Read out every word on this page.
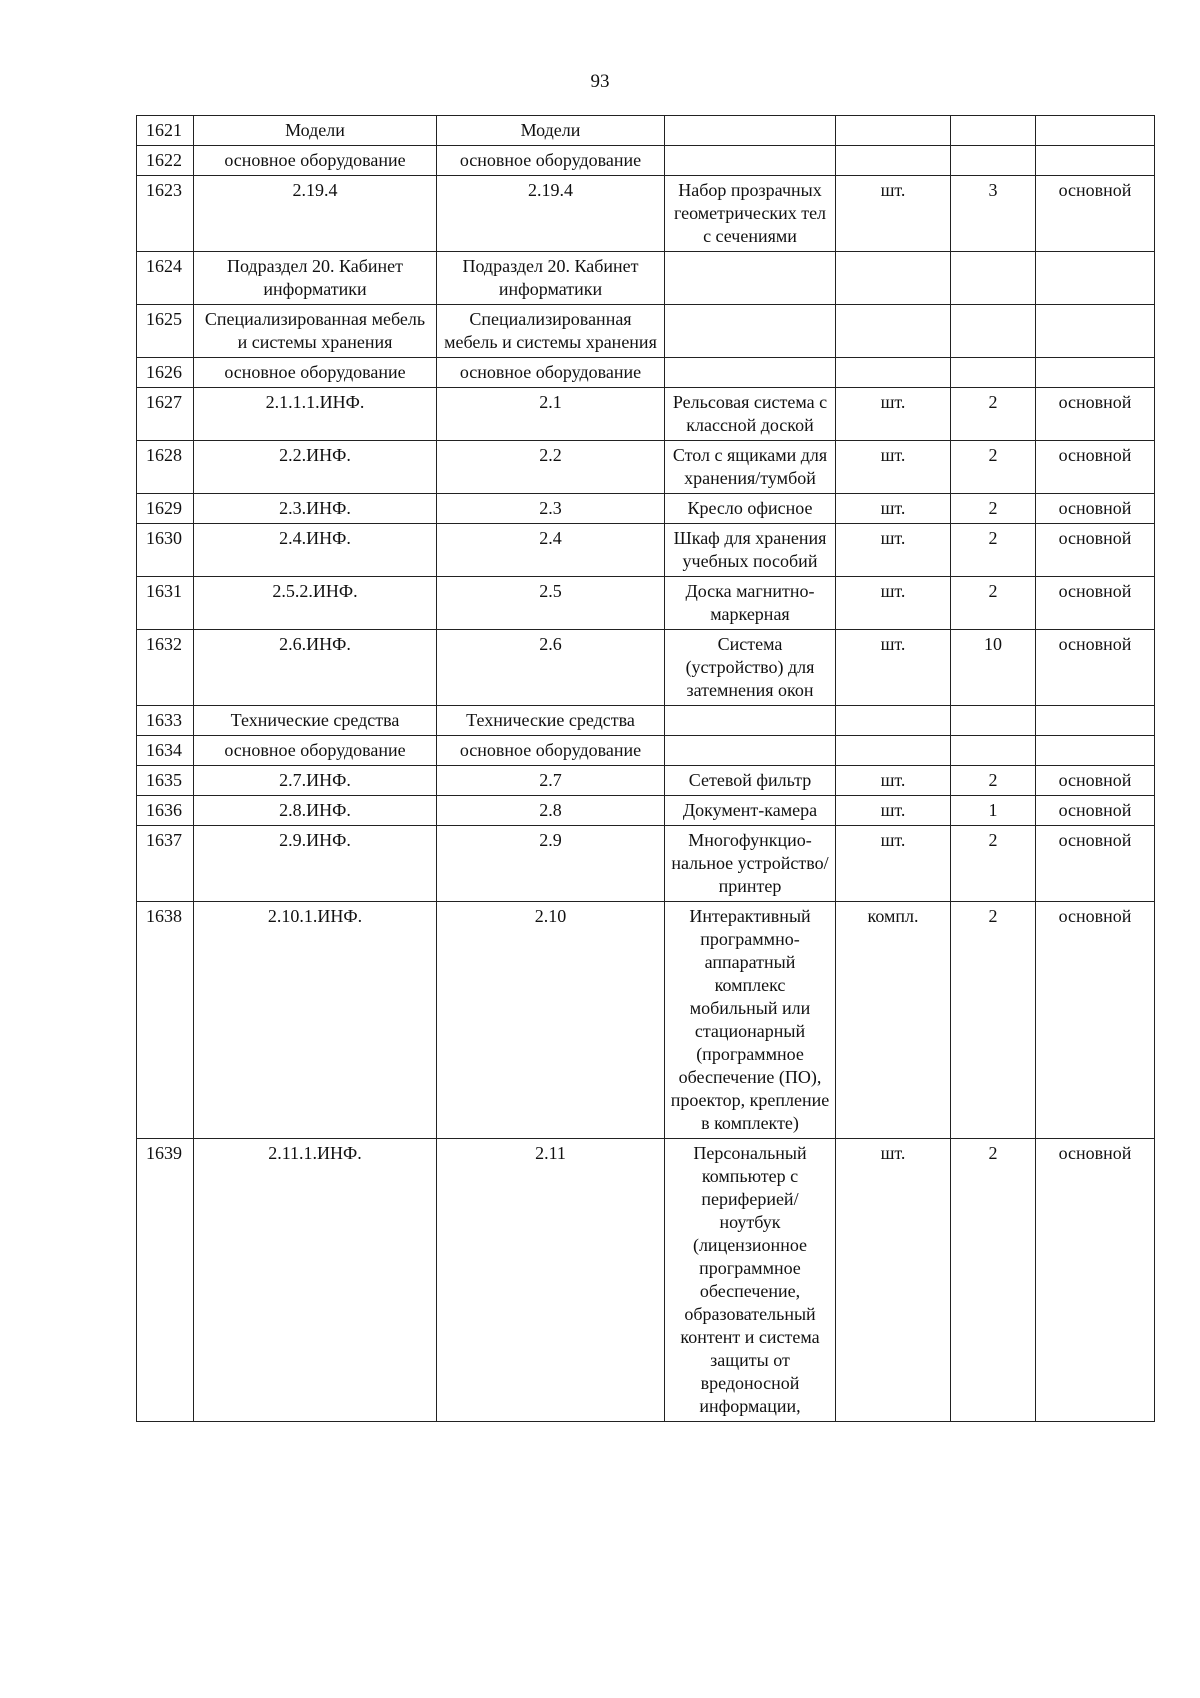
93
1621	Модели	Модели				
1622	основное оборудование	основное оборудование				
1623	2.19.4	2.19.4	Набор прозрачных геометрических тел с сечениями	шт.	3	основной
1624	Подраздел 20. Кабинет информатики	Подраздел 20. Кабинет информатики				
1625	Специализированная мебель и системы хранения	Специализированная мебель и системы хранения				
1626	основное оборудование	основное оборудование				
1627	2.1.1.1.ИНФ.	2.1	Рельсовая система с классной доской	шт.	2	основной
1628	2.2.ИНФ.	2.2	Стол с ящиками для хранения/тумбой	шт.	2	основной
1629	2.3.ИНФ.	2.3	Кресло офисное	шт.	2	основной
1630	2.4.ИНФ.	2.4	Шкаф для хранения учебных пособий	шт.	2	основной
1631	2.5.2.ИНФ.	2.5	Доска магнитно-маркерная	шт.	2	основной
1632	2.6.ИНФ.	2.6	Система (устройство) для затемнения окон	шт.	10	основной
1633	Технические средства	Технические средства				
1634	основное оборудование	основное оборудование				
1635	2.7.ИНФ.	2.7	Сетевой фильтр	шт.	2	основной
1636	2.8.ИНФ.	2.8	Документ-камера	шт.	1	основной
1637	2.9.ИНФ.	2.9	Многофункцио-нальное устройство/ принтер	шт.	2	основной
1638	2.10.1.ИНФ.	2.10	Интерактивный программно-аппаратный комплекс мобильный или стационарный (программное обеспечение (ПО), проектор, крепление в комплекте)	компл.	2	основной
1639	2.11.1.ИНФ.	2.11	Персональный компьютер с периферией/ ноутбук (лицензионное программное обеспечение, образовательный контент и система защиты от вредоносной информации,	шт.	2	основной
